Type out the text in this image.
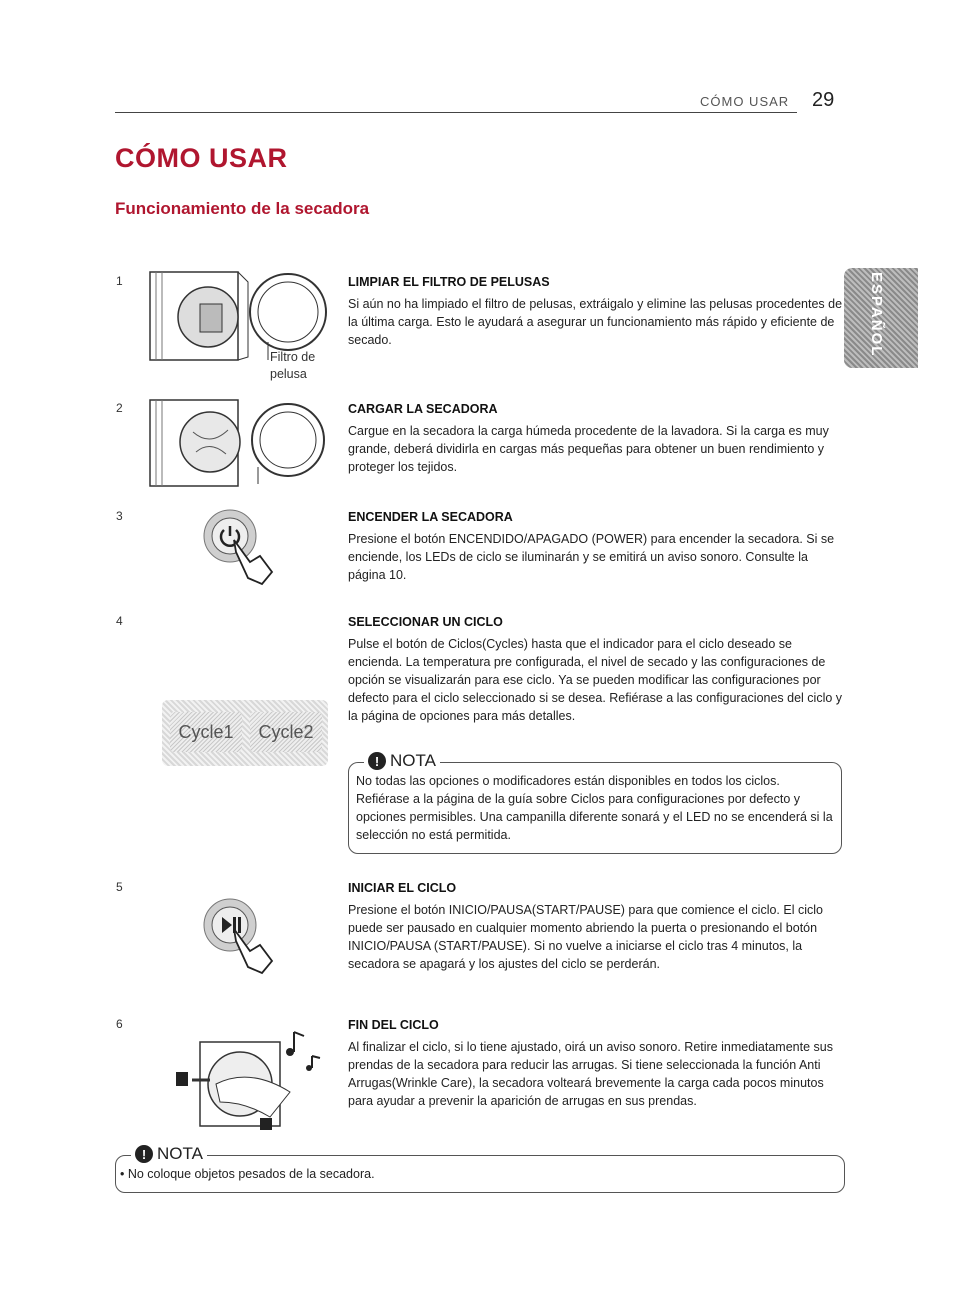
CÓMO USAR 29
CÓMO USAR
Funcionamiento de la secadora
ESPAÑOL
1
2
3
4
5
6
Filtro de pelusa
Cycle1	Cycle2
LIMPIAR EL FILTRO DE PELUSAS

Si aún no ha limpiado el filtro de pelusas, extráigalo y elimine las pelusas procedentes de la última carga. Esto le ayudará a asegurar un funcionamiento más rápido y eficiente de secado.

CARGAR LA SECADORA

Cargue en la secadora la carga húmeda procedente de la lavadora. Si la carga es muy grande, deberá dividirla en cargas más pequeñas para obtener un buen rendimiento y proteger los tejidos.

ENCENDER LA SECADORA

Presione el botón ENCENDIDO/APAGADO (POWER) para encender la secadora. Si se enciende, los LEDs de ciclo se iluminarán y se emitirá un aviso sonoro. Consulte la página 10.

SELECCIONAR UN CICLO

Pulse el botón de Ciclos(Cycles) hasta que el indicador para el ciclo deseado se encienda. La temperatura pre configurada, el nivel de secado y las configuraciones de opción se visualizarán para ese ciclo. Ya se pueden modificar las configuraciones por defecto para el ciclo seleccionado si se desea. Refiérase a las configuraciones del ciclo y la página de opciones para más detalles.

INICIAR EL CICLO

Presione el botón INICIO/PAUSA(START/PAUSE) para que comience el ciclo. El ciclo puede ser pausado en cualquier momento abriendo la puerta o presionando el botón INICIO/PAUSA (START/PAUSE). Si no vuelve a iniciarse el ciclo tras 4 minutos, la secadora se apagará y los ajustes del ciclo se perderán.

FIN DEL CICLO

Al finalizar el ciclo, si lo tiene ajustado, oirá un aviso sonoro. Retire inmediatamente sus prendas de la secadora para reducir las arrugas. Si tiene seleccionada la función Anti Arrugas(Wrinkle Care), la secadora volteará brevemente la carga cada pocos minutos para ayudar a prevenir la aparición de arrugas en sus prendas.

! NOTA
No todas las opciones o modificadores están disponibles en todos los ciclos. Refiérase a la página de la guía sobre Ciclos para configuraciones por defecto y opciones permisibles. Una campanilla diferente sonará y el LED no se encenderá si la selección no está permitida.
! NOTA
• No coloque objetos pesados de la secadora.
